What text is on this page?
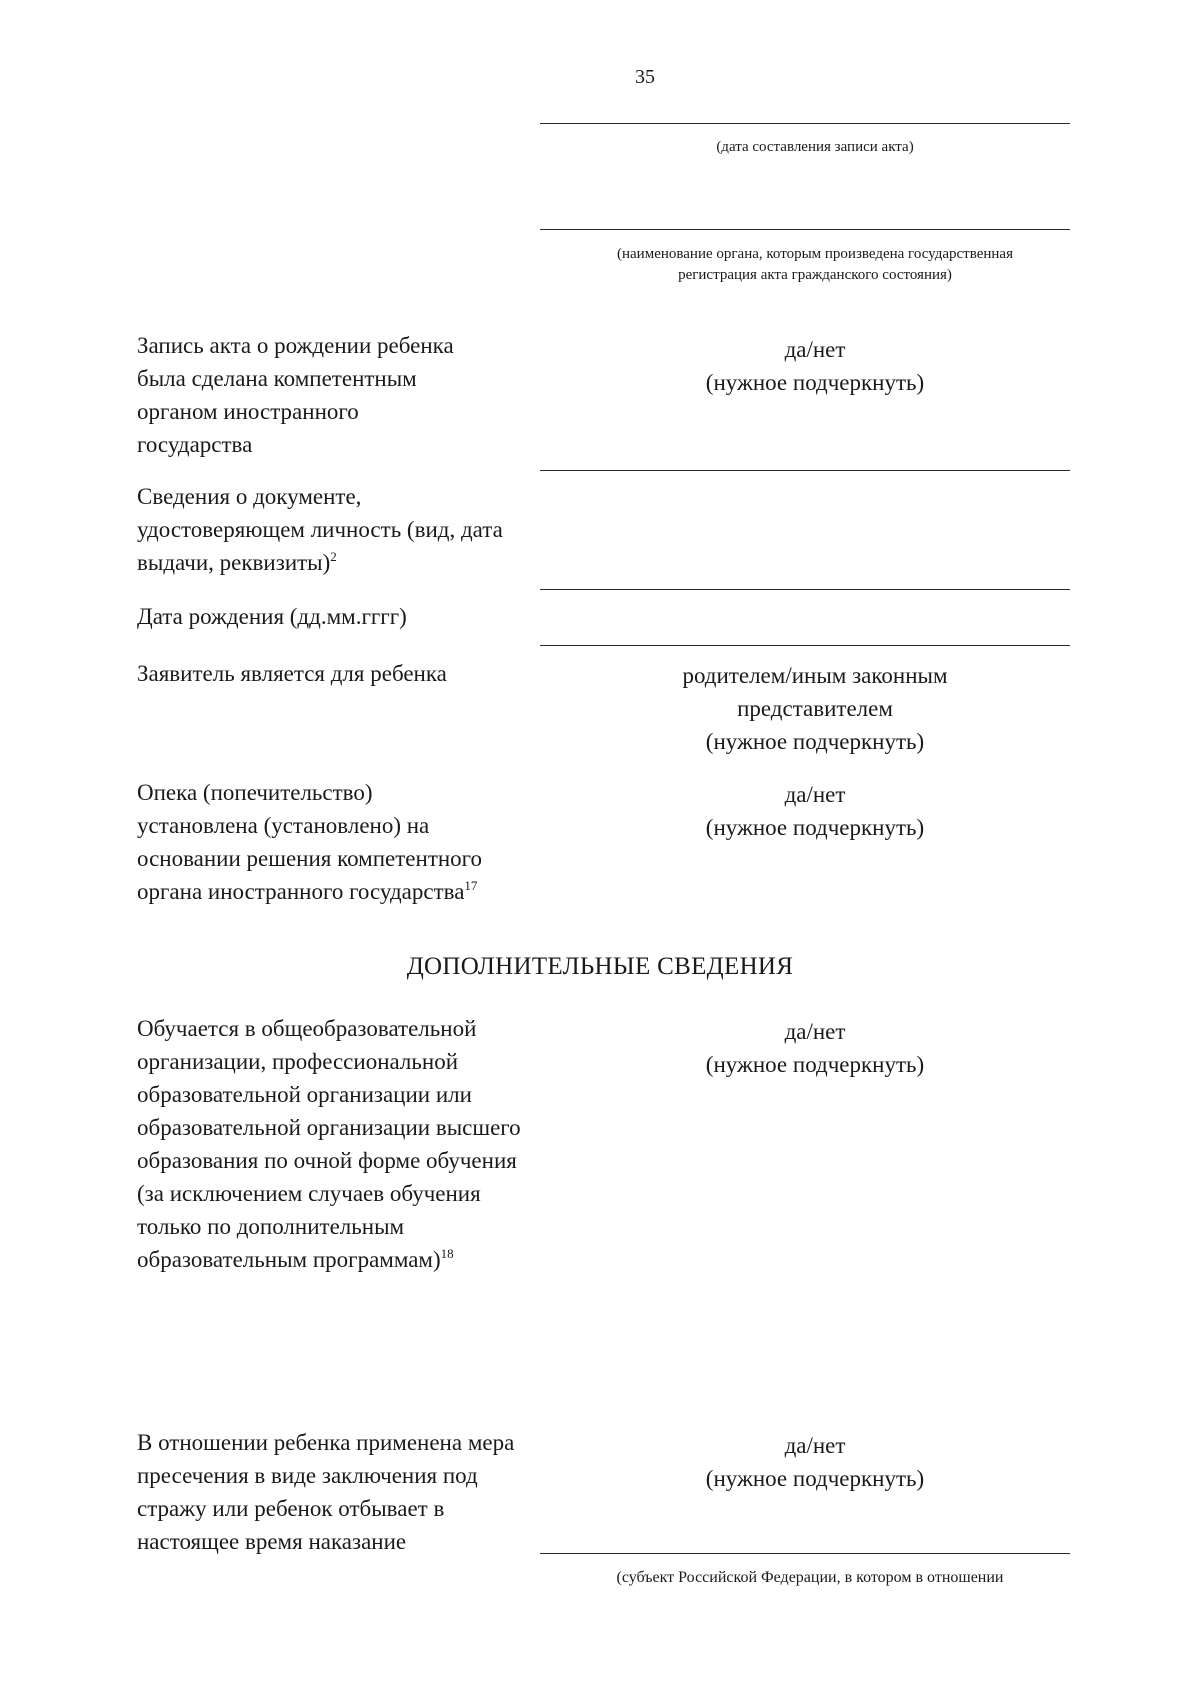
35
(дата составления записи акта)
(наименование органа, которым произведена государственная регистрация акта гражданского состояния)
Запись акта о рождении ребенка была сделана компетентным органом иностранного государства
да/нет
(нужное подчеркнуть)
Сведения о документе, удостоверяющем личность (вид, дата выдачи, реквизиты)$^2$
Дата рождения (дд.мм.гггг)
Заявитель является для ребенка	родителем/иным законным представителем
(нужное подчеркнуть)
Опека (попечительство) установлена (установлено) на основании решения компетентного органа иностранного государства$^{17}$
да/нет
(нужное подчеркнуть)
ДОПОЛНИТЕЛЬНЫЕ СВЕДЕНИЯ
Обучается в общеобразовательной организации, профессиональной образовательной организации или образовательной организации высшего образования по очной форме обучения (за исключением случаев обучения только по дополнительным образовательным программам)$^{18}$
да/нет
(нужное подчеркнуть)
В отношении ребенка применена мера пресечения в виде заключения под стражу или ребенок отбывает в настоящее время наказание
да/нет
(нужное подчеркнуть)
(субъект Российской Федерации, в котором в отношении
